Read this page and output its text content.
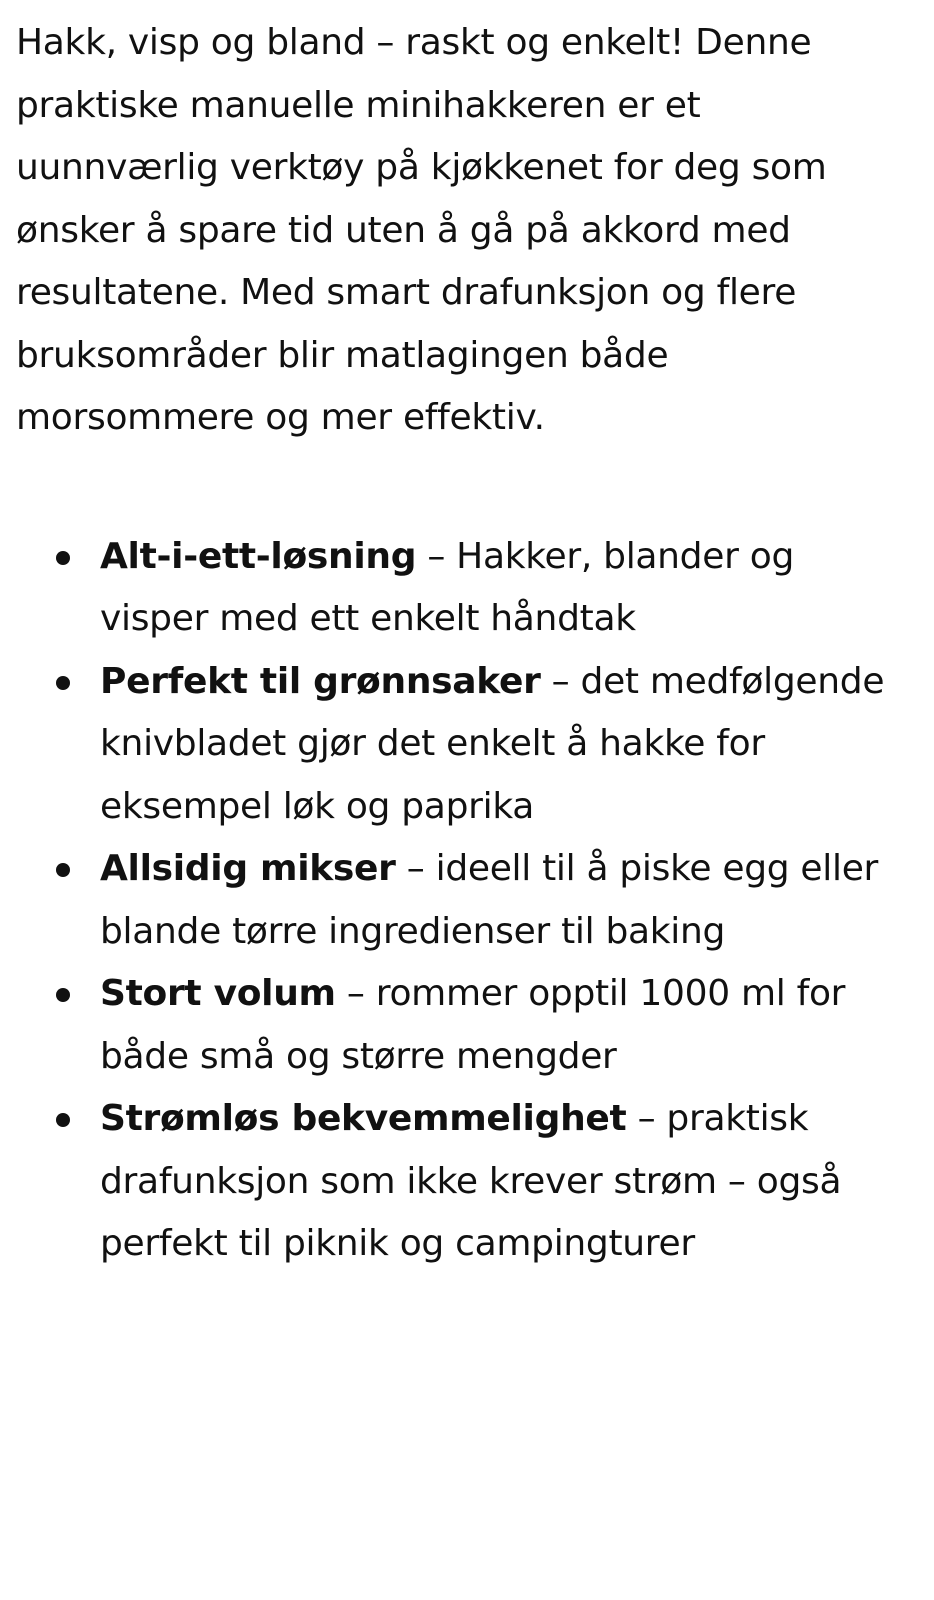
Hakk, visp og bland – raskt og enkelt! Denne praktiske manuelle minihakkeren er et uunnværlig verktøy på kjøkkenet for deg som ønsker å spare tid uten å gå på akkord med resultatene. Med smart drafunksjon og flere bruksområder blir matlagingen både morsommere og mer effektiv.

Alt-i-ett-løsning – Hakker, blander og visper med ett enkelt håndtak
Perfekt til grønnsaker – det medfølgende knivbladet gjør det enkelt å hakke for eksempel løk og paprika
Allsidig mikser – ideell til å piske egg eller blande tørre ingredienser til baking
Stort volum – rommer opptil 1000 ml for både små og større mengder
Strømløs bekvemmelighet – praktisk drafunksjon som ikke krever strøm – også perfekt til piknik og campingturer
